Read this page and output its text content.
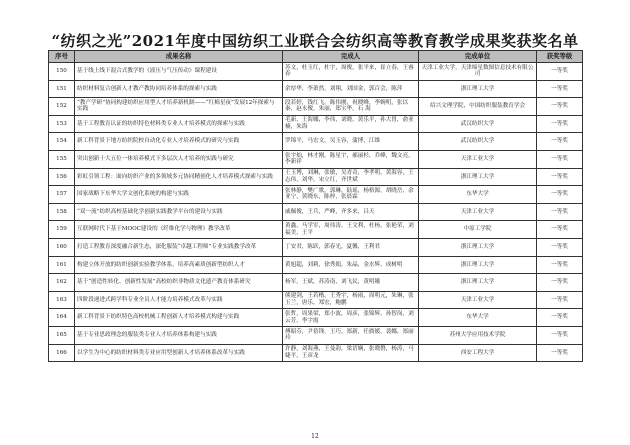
“纺织之光”2021年度中国纺织工业联合会纺织高等教育教学成果奖获奖名单
序号	成果名称	完成人	完成单位	获奖等级
150	基于线上线下混合式教学的《液压与气压传动》课程建设	苏文，杜玉红，杜宇，周俊，张平来，崔立春，王睿春	天津工业大学，天津缔星数图信息技术有限公司	一等奖
151	纺织材料复合创新人才教产教协同培养体系的探索与实践	余厚华，李萧然，刘翔，刘国金，郭百会，陈萍	浙江理工大学	一等奖
152	“教产学研”协同构建纺织应用型人才培养新机制——“红棉星夜”发展12年探索与实践	段若婷，钱红飞，陈伟刚，祝晓峰，李婉明，张以秦，赵永俊，朱丽，郑宝华，石 海	绍兴文理学院，中国纺织服装教育学会	一等奖
153	基于工程教育认证的纺织特色材料类专业人才培养模式的探索与实践	毛新，王海娜，李伟，刘晓，黄乐平，孙大胃，俞亚楠，朱海	武汉纺织大学	一等奖
154	新工科背景下地方纺织院校自动化专业人才培养模式的研究与实践	罗锦平，马宏文，吴玉容，蒲博，江维	武汉纺织大学	一等奖
155	突出创新十大五位一体培养模式下多层次人才培养的实践与研究	张宇灿，林才刚，陈星宇，郝丽杉，乔峰，魏文亮，李新祥	天津工业大学	一等奖
156	彩虹引领工程：面向纺织产业的多领域多元协同精创化人才培养模式探索与实践	王玉博，刘琳，张敏，吴青奇，李孝明，黄海容，王志伟，刘华，宋立红，齐世斌	浙江理工大学	一等奖
157	国家战略下东华大学文创化系统的构建与实践	张林静，樊广歌，郭琳，陆瑶，杨格源，胡晓岳，余亚宁，黄晓东，陈梓，张晨霖	东华大学	一等奖
158	“双一流”纺织高校基础化学创新实践教学平台的建设与实践	戚佩俊，王兵，严峰，齐多来，吕天	天津工业大学	一等奖
159	互联网时代下基于MOOC建设的《纤维化学与物理》教学改革	黄鑫，马学军，周伟涛，王文利，杜杨，张艳荣，刘福美，王平	中原工学院	一等奖
160	打造工程教育深度融合新生态，深化服装“卓越工程师”专业实践教学改革	丁安君，陈跃，郭春光，夏馨，王利君	浙江理工大学	一等奖
161	构建立体开放的纺织创新实验教学体系，培养高素质创新型纺织人才	黄旭超，刘莉，徐秀娟，朱晶，金水辉，成树明	浙江理工大学	一等奖
162	基于“创造性转化、创新性发展”高校纺织非物质文化遗产教育体系研究	杨军，王斌，苏涛南，刘飞民，黄明娥	浙江理工大学	一等奖
163	四阶段递进式跨学科专业全员人才能力培养模式改革与实践	熊建剑，王若楷，王秀宇，杨雨，周明元，朱琳，张玉兰，唐乐，郑宏，鲍鹏	天津工业大学	一等奖
164	新工科背景下纺织特色高校机械工程创新人才培养模式构建与实践	张哲，周果梁，郑小波，周彦，张锦辉，孙智岗，刘云芳，李宇霞	东华大学	一等奖
165	基于专业思政理念的服装类专业人才培养体系构建与实践	傅昭芬，尹蓓锋，王巧，郑新，任旖媛，裴娜，郑丽玲	苏州大学应用技术学院	一等奖
166	以学生为中心的纺织材料类专业应用型创新人才培养体系改革与实践	许静，刘海燕，王曼韵，梁语娴，张晓磐，杨涛，马婕平，王彦龙	西安工程大学	一等奖
12
